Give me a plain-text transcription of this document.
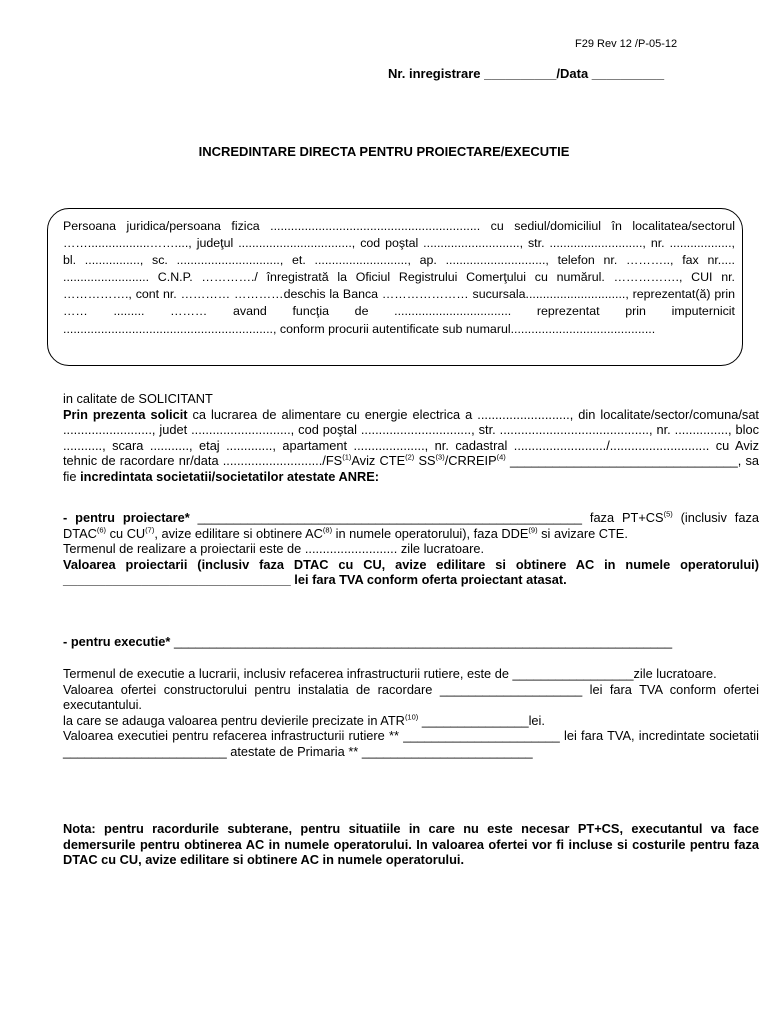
F29 Rev 12 /P-05-12
Nr. inregistrare __________/Data __________
INCREDINTARE DIRECTA PENTRU PROIECTARE/EXECUTIE

Persoana juridica/persoana fizica ............................................................. cu sediul/domiciliul în localitatea/sectorul ……..................……...., judeţul ................................., cod poştal ............................, str. ..........................., nr. .................., bl. ................, sc. .............................., et. ..........................., ap. ............................., telefon nr. ……….., fax nr..... ......................... C.N.P. …………./ înregistrată la Oficiul Registrului Comerţului cu numărul. ……………., CUI nr. ……………., cont nr. ………… …………deschis la Banca ………………… sucursala............................., reprezentat(ă) prin …… ......... ……… avand funcţia de .................................. reprezentat prin imputernicit ............................................................., conform procurii autentificate sub numarul..........................................

in calitate de SOLICITANT
Prin prezenta solicit ca lucrarea de alimentare cu energie electrica a .........................., din localitate/sector/comuna/sat ........................., judet ............................, cod poştal ..............................., str. .........................................., nr. ..............., bloc ..........., scara ..........., etaj ............., apartament ...................., nr. cadastral ........................../............................ cu Aviz tehnic de racordare nr/data ............................/FS$^{(1)}$Aviz CTE$^{(2)}$ SS$^{(3)}$/CRREIP$^{(4)}$ ________________________________, sa fie incredintata societatii/societatilor atestate ANRE:

- pentru proiectare* ______________________________________________________ faza $PT+CS^{(5)}$ (inclusiv faza DTAC$^{(6)}$ cu CU$^{(7)}$, avize edilitare si obtinere AC$^{(8)}$ in numele operatorului), faza DDE$^{(9)}$ si avizare CTE.
Termenul de realizare a proiectarii este de .......................... zile lucratoare.
Valoarea proiectarii (inclusiv faza DTAC cu CU, avize edilitare si obtinere AC in numele operatorului) ________________________________ lei fara TVA conform oferta proiectant atasat.

- pentru executie* ______________________________________________________________________

Termenul de executie a lucrarii, inclusiv refacerea infrastructurii rutiere, este de _________________zile lucratoare.
Valoarea ofertei constructorului pentru instalatia de racordare ____________________ lei fara TVA conform ofertei executantului.
la care se adauga valoarea pentru devierile precizate in ATR$^{(10)}$ _______________lei.
Valoarea executiei pentru refacerea infrastructurii rutiere ** ______________________ lei fara TVA, incredintate societatii _______________________ atestate de Primaria ** ________________________

Nota: pentru racordurile subterane, pentru situatiile in care nu este necesar PT+CS, executantul va face demersurile pentru obtinerea AC in numele operatorului. In valoarea ofertei vor fi incluse si costurile pentru faza DTAC cu CU, avize edilitare si obtinere AC in numele operatorului.
